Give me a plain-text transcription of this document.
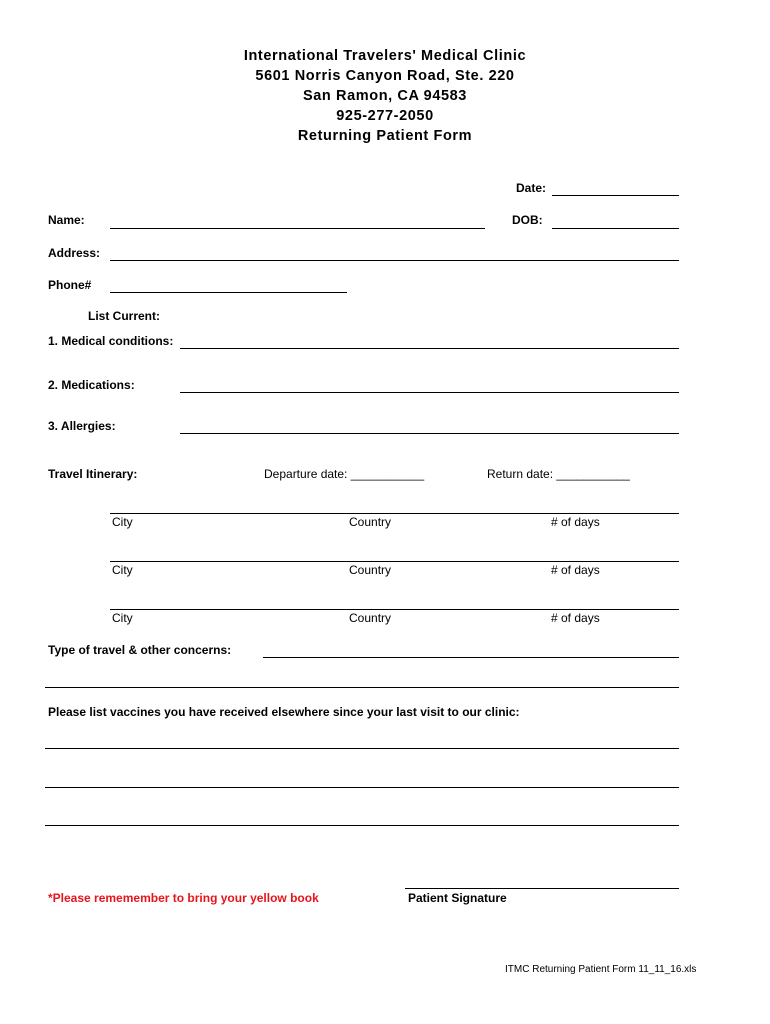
International Travelers' Medical Clinic
5601 Norris Canyon Road, Ste. 220
San Ramon, CA 94583
925-277-2050
Returning Patient Form
Date:
Name:	DOB:
Address:
Phone#
List Current:
1. Medical conditions:
2. Medications:
3. Allergies:
Travel Itinerary:	Departure date: ___________	Return date: ___________
City	Country	# of days
City	Country	# of days
City	Country	# of days
Type of travel & other concerns:
Please list vaccines you have received elsewhere since your last visit to our clinic:
*Please rememember to bring your yellow book	Patient Signature
ITMC Returning Patient Form 11_11_16.xls
